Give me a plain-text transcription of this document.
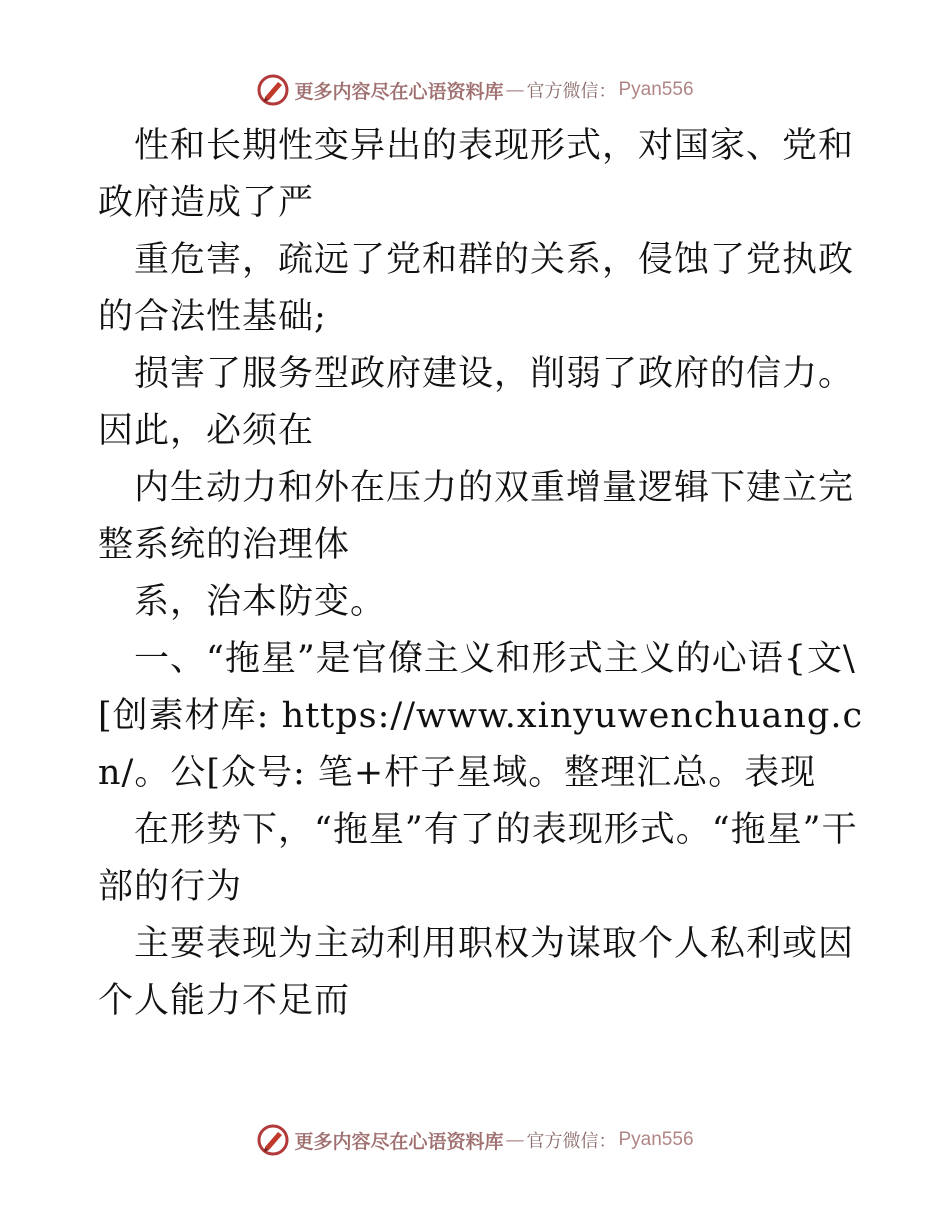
更多内容尽在心语资料库 — 官方微信： Pyan556

性和长期性变异出的表现形式，对国家、党和政府造成了严

重危害，疏远了党和群的关系，侵蚀了党执政的合法性基础;

损害了服务型政府建设，削弱了政府的信力。因此，必须在

内生动力和外在压力的双重增量逻辑下建立完整系统的治理体

系，治本防变。

一、“拖星”是官僚主义和形式主义的心语{文\[创素材库: https://www.xinyuwenchuang.cn/。公[众号: 笔+杆子星域。整理汇总。表现

在形势下，“拖星”有了的表现形式。“拖星”干部的行为

主要表现为主动利用职权为谋取个人私利或因个人能力不足而

更多内容尽在心语资料库 — 官方微信： Pyan556
